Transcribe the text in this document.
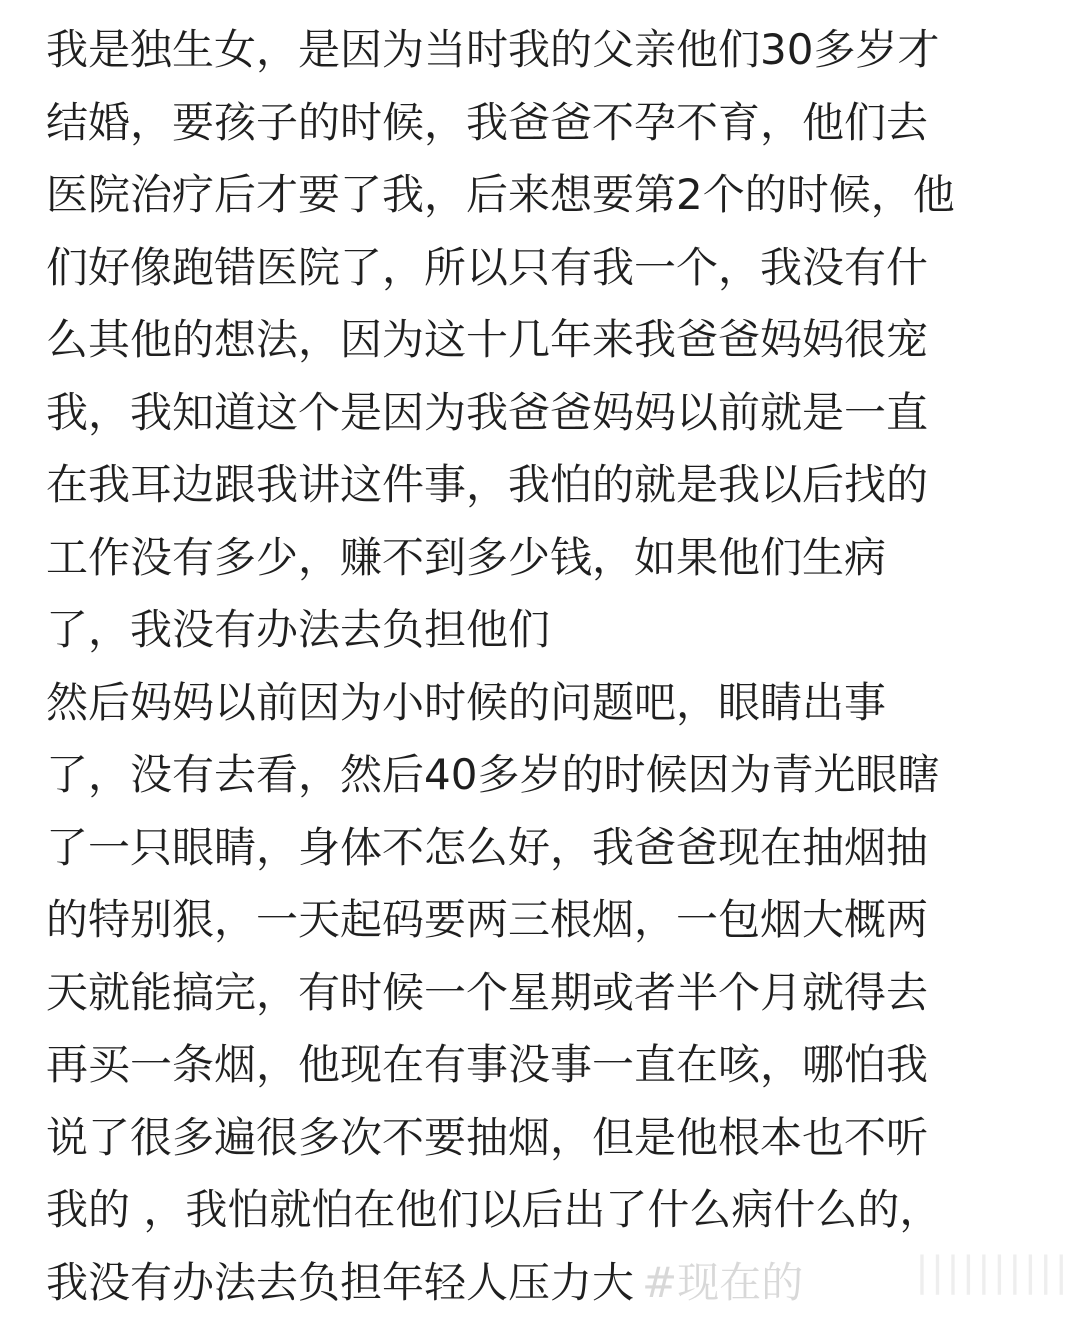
我是独生女，是因为当时我的父亲他们30多岁才
结婚，要孩子的时候，我爸爸不孕不育，他们去
医院治疗后才要了我，后来想要第2个的时候，他
们好像跑错医院了，所以只有我一个，我没有什
么其他的想法，因为这十几年来我爸爸妈妈很宠
我，我知道这个是因为我爸爸妈妈以前就是一直
在我耳边跟我讲这件事，我怕的就是我以后找的
工作没有多少，赚不到多少钱，如果他们生病
了，我没有办法去负担他们
然后妈妈以前因为小时候的问题吧，眼睛出事
了，没有去看，然后40多岁的时候因为青光眼瞎
了一只眼睛，身体不怎么好，我爸爸现在抽烟抽
的特别狠，一天起码要两三根烟，一包烟大概两
天就能搞完，有时候一个星期或者半个月就得去
再买一条烟，他现在有事没事一直在咳，哪怕我
说了很多遍很多次不要抽烟，但是他根本也不听
我的 ，我怕就怕在他们以后出了什么病什么的，
我没有办法去负担年轻人压力大 #现在的	||||||||||
